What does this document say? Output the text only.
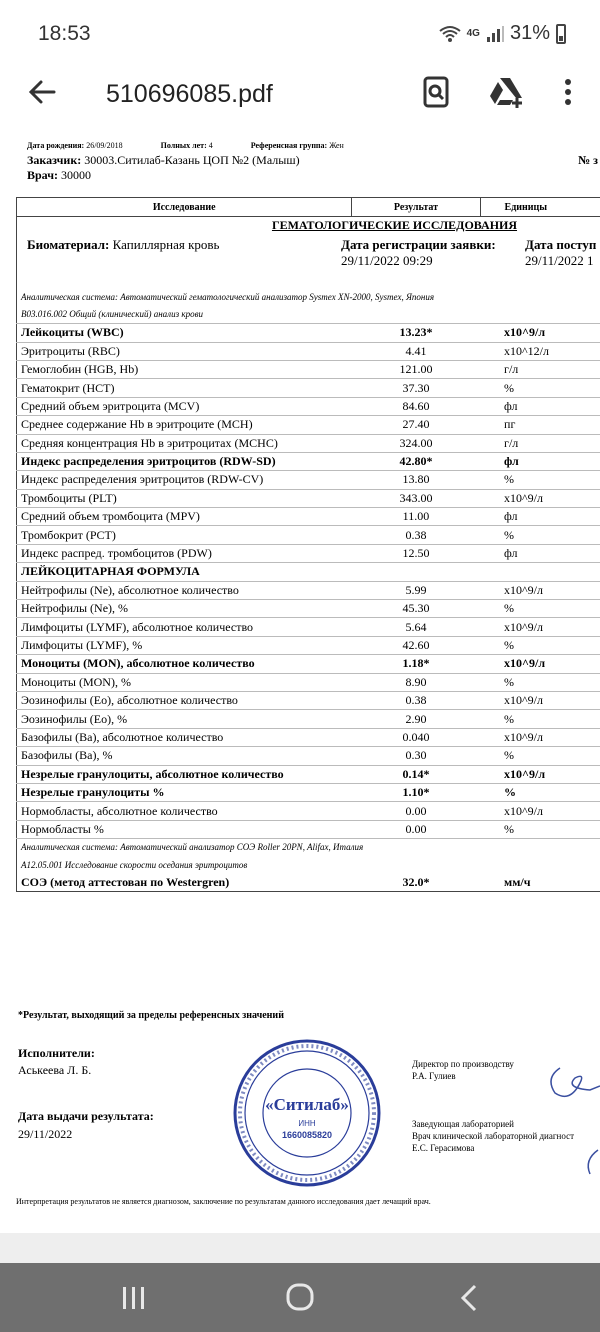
18:53	4G 31%
510696085.pdf
Дата рождения: 26/09/2018	Полных лет: 4	Референсная группа: Жен
Заказчик: 30003.Ситилаб-Казань ЦОП №2 (Малыш)
Врач: 30000
№ з
Исследование	Результат	Единицы
ГЕМАТОЛОГИЧЕСКИЕ ИССЛЕДОВАНИЯ		

Биоматериал: Капиллярная кровь Дата регистрации заявки:
29/11/2022 09:29
Дата поступ
29/11/2022 1		

Аналитическая система: Автоматический гематологический анализатор Sysmex XN-2000, Sysmex, Япония		
B03.016.002 Общий (клинический) анализ крови		
Лейкоциты (WBC)	13.23*	x10^9/л
Эритроциты (RBC)	4.41	x10^12/л
Гемоглобин (HGB, Hb)	121.00	г/л
Гематокрит (HCT)	37.30	%
Средний объем эритроцита (MCV)	84.60	фл
Среднее содержание Hb в эритроците (MCH)	27.40	пг
Средняя концентрация Hb в эритроцитах (MCHC)	324.00	г/л
Индекс распределения эритроцитов (RDW-SD)	42.80*	фл
Индекс распределения эритроцитов (RDW-CV)	13.80	%
Тромбоциты (PLT)	343.00	x10^9/л
Средний объем тромбоцита (MPV)	11.00	фл
Тромбокрит (PCT)	0.38	%
Индекс распред. тромбоцитов (PDW)	12.50	фл
ЛЕЙКОЦИТАРНАЯ ФОРМУЛА		
Нейтрофилы (Ne), абсолютное количество	5.99	x10^9/л
Нейтрофилы (Ne), %	45.30	%
Лимфоциты (LYMF), абсолютное количество	5.64	x10^9/л
Лимфоциты (LYMF), %	42.60	%
Моноциты (MON), абсолютное количество	1.18*	x10^9/л
Моноциты (MON), %	8.90	%
Эозинофилы (Eo), абсолютное количество	0.38	x10^9/л
Эозинофилы (Eo), %	2.90	%
Базофилы (Ba), абсолютное количество	0.040	x10^9/л
Базофилы (Ba), %	0.30	%
Незрелые гранулоциты, абсолютное количество	0.14*	x10^9/л
Незрелые гранулоциты %	1.10*	%
Нормобласты, абсолютное количество	0.00	x10^9/л
Нормобласты %	0.00	%
Аналитическая система: Автоматический анализатор СОЭ Roller 20PN, Alifax, Италия		
A12.05.001 Исследование скорости оседания эритроцитов		
СОЭ (метод аттестован по Westergren)	32.0*	мм/ч
*Результат, выходящий за пределы референсных значений
Исполнители:
Аськеева Л. Б.
Дата выдачи результата:
29/11/2022
Директор по производству
Р.А. Гулиев
Заведующая лабораторией
Врач клинической лабораторной диагност
Е.С. Герасимова
«Ситилаб»
ИНН
1660085820
Интерпретация результатов не является диагнозом, заключение по результатам данного исследования дает лечащий врач.
